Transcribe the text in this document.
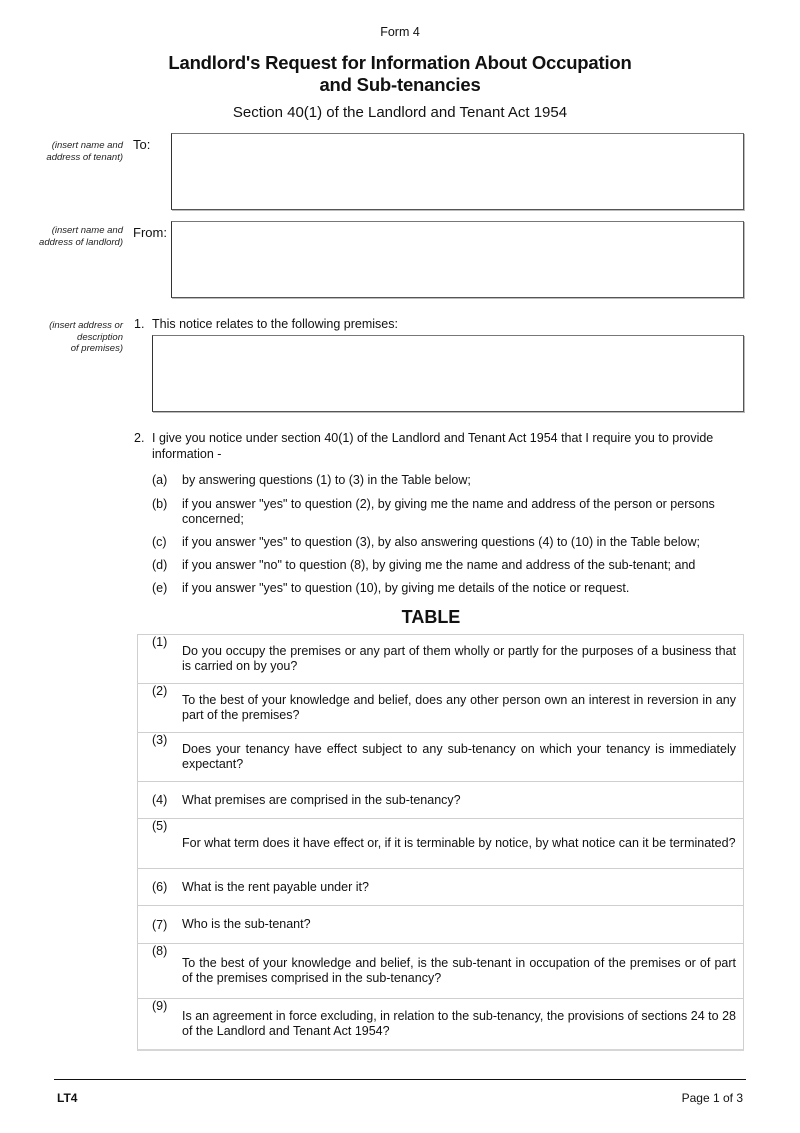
Form 4
Landlord's Request for Information About Occupation
and Sub-tenancies
Section 40(1) of the Landlord and Tenant Act 1954
(insert name and
address of tenant)
To:
(insert name and
address of landlord)
From:
(insert address or
description
of premises)
1. This notice relates to the following premises:
2. I give you notice under section 40(1) of the Landlord and Tenant Act 1954 that I require you to provide information -
(a)	by answering questions (1) to (3) in the Table below;
(b)	if you answer "yes" to question (2), by giving me the name and address of the person or persons concerned;
(c)	if you answer "yes" to question (3), by also answering questions (4) to (10) in the Table below;
(d)	if you answer "no" to question (8), by giving me the name and address of the sub-tenant; and
(e)	if you answer "yes" to question (10), by giving me details of the notice or request.
TABLE
(1)
Do you occupy the premises or any part of them wholly or partly for the purposes of a business that is carried on by you?
(2)
To the best of your knowledge and belief, does any other person own an interest in reversion in any part of the premises?
(3)
Does your tenancy have effect subject to any sub-tenancy on which your tenancy is immediately expectant?
(4)	What premises are comprised in the sub-tenancy?
(5)
For what term does it have effect or, if it is terminable by notice, by what notice can it be terminated?
(6)	What is the rent payable under it?
(7)	Who is the sub-tenant?
(8)
To the best of your knowledge and belief, is the sub-tenant in occupation of the premises or of part of the premises comprised in the sub-tenancy?
(9)
Is an agreement in force excluding, in relation to the sub-tenancy, the provisions of sections 24 to 28 of the Landlord and Tenant Act 1954?
LT4	Page 1 of 3
